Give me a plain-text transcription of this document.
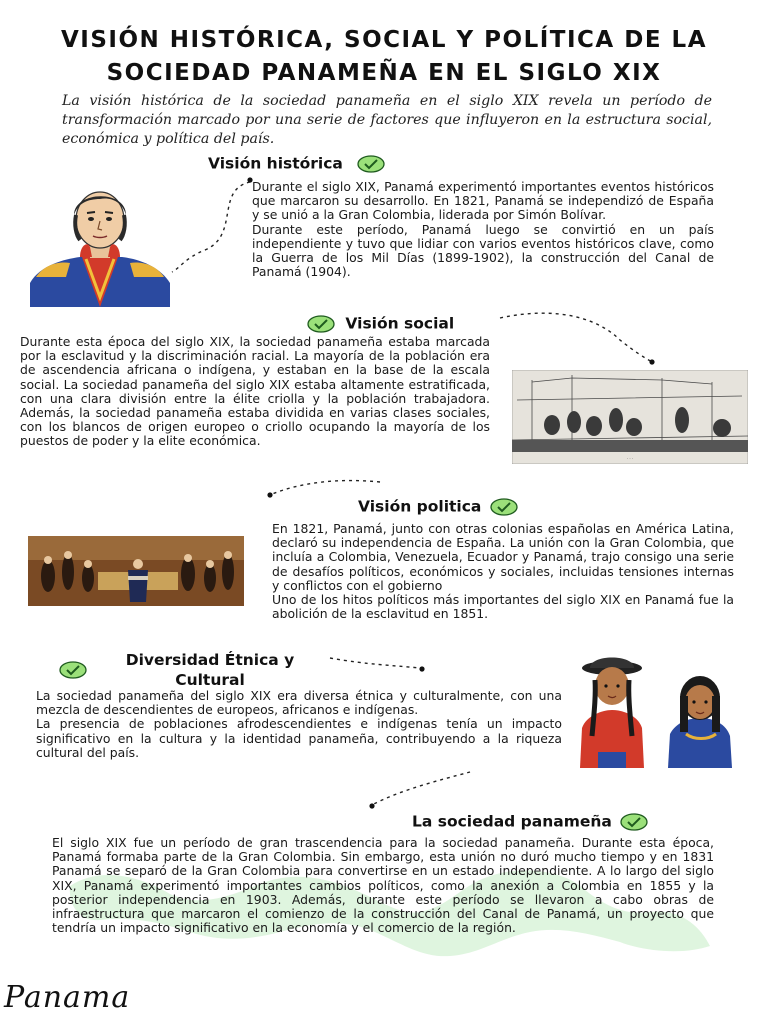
VISIÓN HISTÓRICA, SOCIAL Y POLÍTICA DE LA SOCIEDAD PANAMEÑA EN EL SIGLO XIX
La visión histórica de la sociedad panameña en el siglo XIX revela un período de transformación marcado por una serie de factores que influyeron en la estructura social, económica y política del país.
Visión histórica

Durante el siglo XIX, Panamá experimentó importantes eventos históricos que marcaron su desarrollo. En 1821, Panamá se independizó de España y se unió a la Gran Colombia, liderada por Simón Bolívar.

Durante este período, Panamá luego se convirtió en un país independiente y tuvo que lidiar con varios eventos históricos clave, como la Guerra de los Mil Días (1899-1902), la construcción del Canal de Panamá (1904).

Visión social

Durante esta época del siglo XIX, la sociedad panameña estaba marcada por la esclavitud y la discriminación racial. La mayoría de la población era de ascendencia africana o indígena, y estaban en la base de la escala social. La sociedad panameña del siglo XIX estaba altamente estratificada, con una clara división entre la élite criolla y la población trabajadora. Además, la sociedad panameña estaba dividida en varias clases sociales, con los blancos de origen europeo o criollo ocupando la mayoría de los puestos de poder y la elite económica.

· · ·
Visión politica

En 1821, Panamá, junto con otras colonias españolas en América Latina, declaró su independencia de España. La unión con la Gran Colombia, que incluía a Colombia, Venezuela, Ecuador y Panamá, trajo consigo una serie de desafíos políticos, económicos y sociales, incluidas tensiones internas y conflictos con el gobierno

Uno de los hitos políticos más importantes del siglo XIX en Panamá fue la abolición de la esclavitud en 1851.

Diversidad Étnica y
Cultural

La sociedad panameña del siglo XIX era diversa étnica y culturalmente, con una mezcla de descendientes de europeos, africanos e indígenas.

La presencia de poblaciones afrodescendientes e indígenas tenía un impacto significativo en la cultura y la identidad panameña, contribuyendo a la riqueza cultural del país.

La sociedad panameña

El siglo XIX fue un período de gran trascendencia para la sociedad panameña. Durante esta época, Panamá formaba parte de la Gran Colombia. Sin embargo, esta unión no duró mucho tiempo y en 1831 Panamá se separó de la Gran Colombia para convertirse en un estado independiente. A lo largo del siglo XIX, Panamá experimentó importantes cambios políticos, como la anexión a Colombia en 1855 y la posterior independencia en 1903. Además, durante este período se llevaron a cabo obras de infraestructura que marcaron el comienzo de la construcción del Canal de Panamá, un proyecto que tendría un impacto significativo en la economía y el comercio de la región.

Panama
